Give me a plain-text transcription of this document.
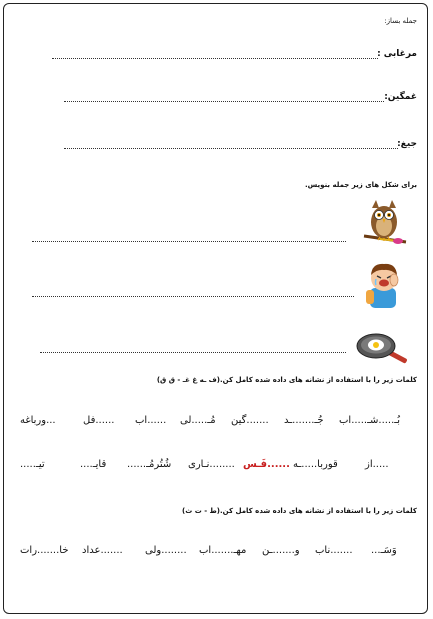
جمله بساز:
مرغابی :
غمگین:
جیغ:
برای شکل های زیر جمله بنویس.
کلمات زیر را با استفاده از نشانه های داده شده کامل کن.(ف ـه غ غـ - ق ق)
...ورباغه	......فل ......اب مُـ.....لی .......گین جُـ.......ـد بُـ.....شـ.....اب
تیـ.....	قایـ.... شُتُرمُـ...... ........نـاری ......فَـس قوربا.....ـه	.....از
کلمات زیر را با استفاده از نشانه های داده شده کامل کن.(ط - ت ث)
خا.......رات .......عداد ........ولی مهـ.......اب و.......ـن .......ناب وَسَـ...
